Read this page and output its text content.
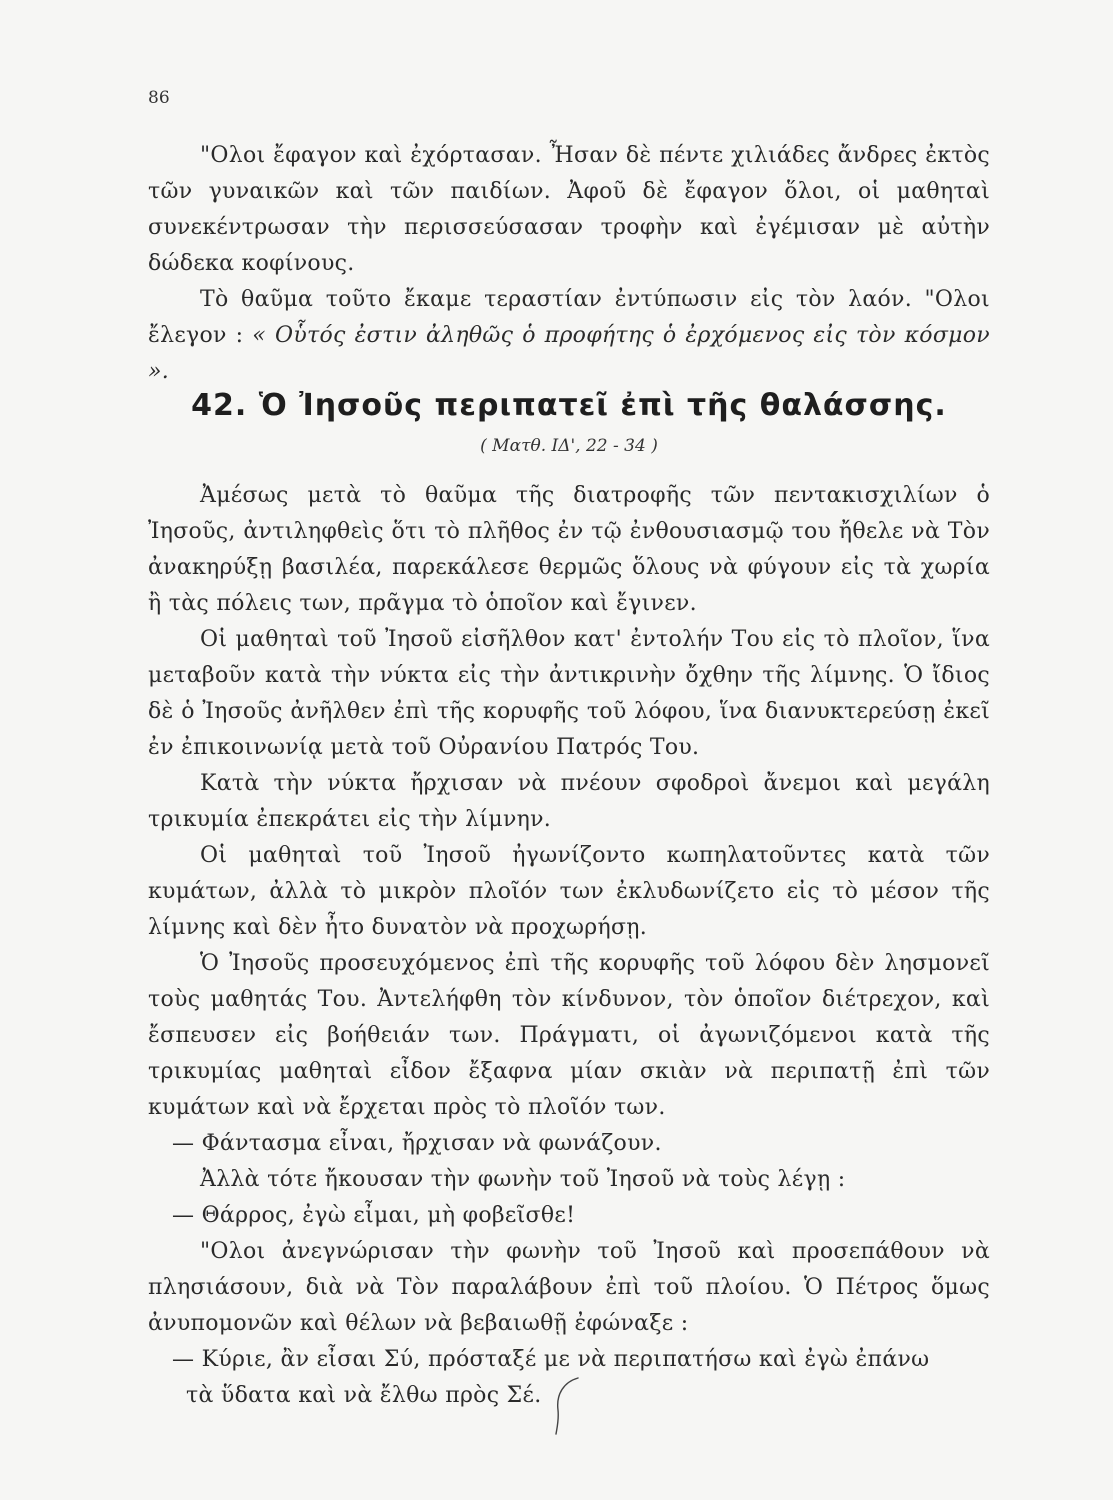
86

"Ολοι ἔφαγον καὶ ἐχόρτασαν. Ἦσαν δὲ πέντε χιλιάδες ἄνδρες ἐκτὸς τῶν γυναικῶν καὶ τῶν παιδίων. Ἀφοῦ δὲ ἔφαγον ὅλοι, οἱ μαθηταὶ συνεκέντρωσαν τὴν περισσεύσασαν τροφὴν καὶ ἐγέμισαν μὲ αὐτὴν δώδεκα κοφίνους.

Τὸ θαῦμα τοῦτο ἔκαμε τεραστίαν ἐντύπωσιν εἰς τὸν λαόν. "Ολοι ἔλεγον : « Οὗτός ἐστιν ἀληθῶς ὁ προφήτης ὁ ἐρχόμενος εἰς τὸν κόσμον ».

42. Ὁ Ἰησοῦς περιπατεῖ ἐπὶ τῆς θαλάσσης.
( Ματθ. ΙΔ', 22 - 34 )

Ἀμέσως μετὰ τὸ θαῦμα τῆς διατροφῆς τῶν πεντακισχιλίων ὁ Ἰησοῦς, ἀντιληφθεὶς ὅτι τὸ πλῆθος ἐν τῷ ἐνθουσιασμῷ του ἤθελε νὰ Τὸν ἀνακηρύξῃ βασιλέα, παρεκάλεσε θερμῶς ὅλους νὰ φύγουν εἰς τὰ χωρία ἢ τὰς πόλεις των, πρᾶγμα τὸ ὁποῖον καὶ ἔγινεν.

Οἱ μαθηταὶ τοῦ Ἰησοῦ εἰσῆλθον κατ' ἐντολήν Του εἰς τὸ πλοῖον, ἵνα μεταβοῦν κατὰ τὴν νύκτα εἰς τὴν ἀντικρινὴν ὄχθην τῆς λίμνης. Ὁ ἴδιος δὲ ὁ Ἰησοῦς ἀνῆλθεν ἐπὶ τῆς κορυφῆς τοῦ λόφου, ἵνα διανυκτερεύσῃ ἐκεῖ ἐν ἐπικοινωνίᾳ μετὰ τοῦ Οὐρανίου Πατρός Του.

Κατὰ τὴν νύκτα ἤρχισαν νὰ πνέουν σφοδροὶ ἄνεμοι καὶ μεγάλη τρικυμία ἐπεκράτει εἰς τὴν λίμνην.

Οἱ μαθηταὶ τοῦ Ἰησοῦ ἠγωνίζοντο κωπηλατοῦντες κατὰ τῶν κυμάτων, ἀλλὰ τὸ μικρὸν πλοῖόν των ἐκλυδωνίζετο εἰς τὸ μέσον τῆς λίμνης καὶ δὲν ἦτο δυνατὸν νὰ προχωρήσῃ.

Ὁ Ἰησοῦς προσευχόμενος ἐπὶ τῆς κορυφῆς τοῦ λόφου δὲν λησμονεῖ τοὺς μαθητάς Του. Ἀντελήφθη τὸν κίνδυνον, τὸν ὁποῖον διέτρεχον, καὶ ἔσπευσεν εἰς βοήθειάν των. Πράγματι, οἱ ἀγωνιζόμενοι κατὰ τῆς τρικυμίας μαθηταὶ εἶδον ἔξαφνα μίαν σκιὰν νὰ περιπατῇ ἐπὶ τῶν κυμάτων καὶ νὰ ἔρχεται πρὸς τὸ πλοῖόν των.

— Φάντασμα εἶναι, ἤρχισαν νὰ φωνάζουν.

Ἀλλὰ τότε ἤκουσαν τὴν φωνὴν τοῦ Ἰησοῦ νὰ τοὺς λέγῃ :

— Θάρρος, ἐγὼ εἶμαι, μὴ φοβεῖσθε!

"Ολοι ἀνεγνώρισαν τὴν φωνὴν τοῦ Ἰησοῦ καὶ προσεπάθουν νὰ πλησιάσουν, διὰ νὰ Τὸν παραλάβουν ἐπὶ τοῦ πλοίου. Ὁ Πέτρος ὅμως ἀνυπομονῶν καὶ θέλων νὰ βεβαιωθῇ ἐφώναξε :

— Κύριε, ἂν εἶσαι Σύ, πρόσταξέ με νὰ περιπατήσω καὶ ἐγὼ ἐπάνω

τὰ ὕδατα καὶ νὰ ἔλθω πρὸς Σέ.
